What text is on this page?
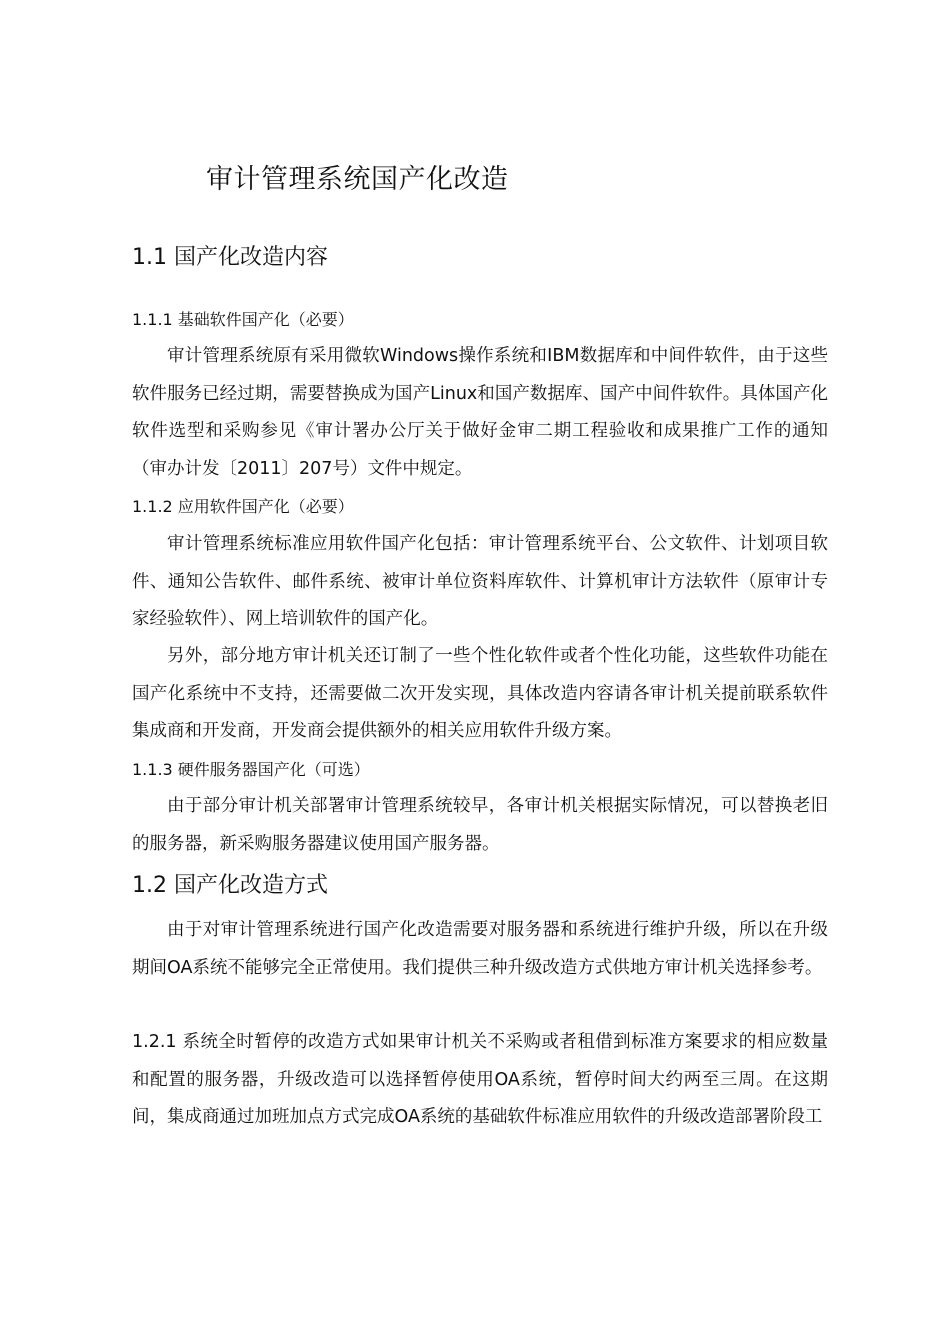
审计管理系统国产化改造
1.1 国产化改造内容
1.1.1 基础软件国产化（必要）

审计管理系统原有采用微软Windows操作系统和IBM数据库和中间件软件，由于这些软件服务已经过期，需要替换成为国产Linux和国产数据库、国产中间件软件。具体国产化软件选型和采购参见《审计署办公厅关于做好金审二期工程验收和成果推广工作的通知（审办计发〔2011〕207号）文件中规定。

1.1.2 应用软件国产化（必要）

审计管理系统标准应用软件国产化包括：审计管理系统平台、公文软件、计划项目软件、通知公告软件、邮件系统、被审计单位资料库软件、计算机审计方法软件（原审计专家经验软件）、网上培训软件的国产化。

另外，部分地方审计机关还订制了一些个性化软件或者个性化功能，这些软件功能在国产化系统中不支持，还需要做二次开发实现，具体改造内容请各审计机关提前联系软件集成商和开发商，开发商会提供额外的相关应用软件升级方案。

1.1.3 硬件服务器国产化（可选）

由于部分审计机关部署审计管理系统较早，各审计机关根据实际情况，可以替换老旧的服务器，新采购服务器建议使用国产服务器。

1.2 国产化改造方式

由于对审计管理系统进行国产化改造需要对服务器和系统进行维护升级，所以在升级期间OA系统不能够完全正常使用。我们提供三种升级改造方式供地方审计机关选择参考。

1.2.1 系统全时暂停的改造方式如果审计机关不采购或者租借到标准方案要求的相应数量和配置的服务器，升级改造可以选择暂停使用OA系统，暂停时间大约两至三周。在这期间，集成商通过加班加点方式完成OA系统的基础软件标准应用软件的升级改造部署阶段工
